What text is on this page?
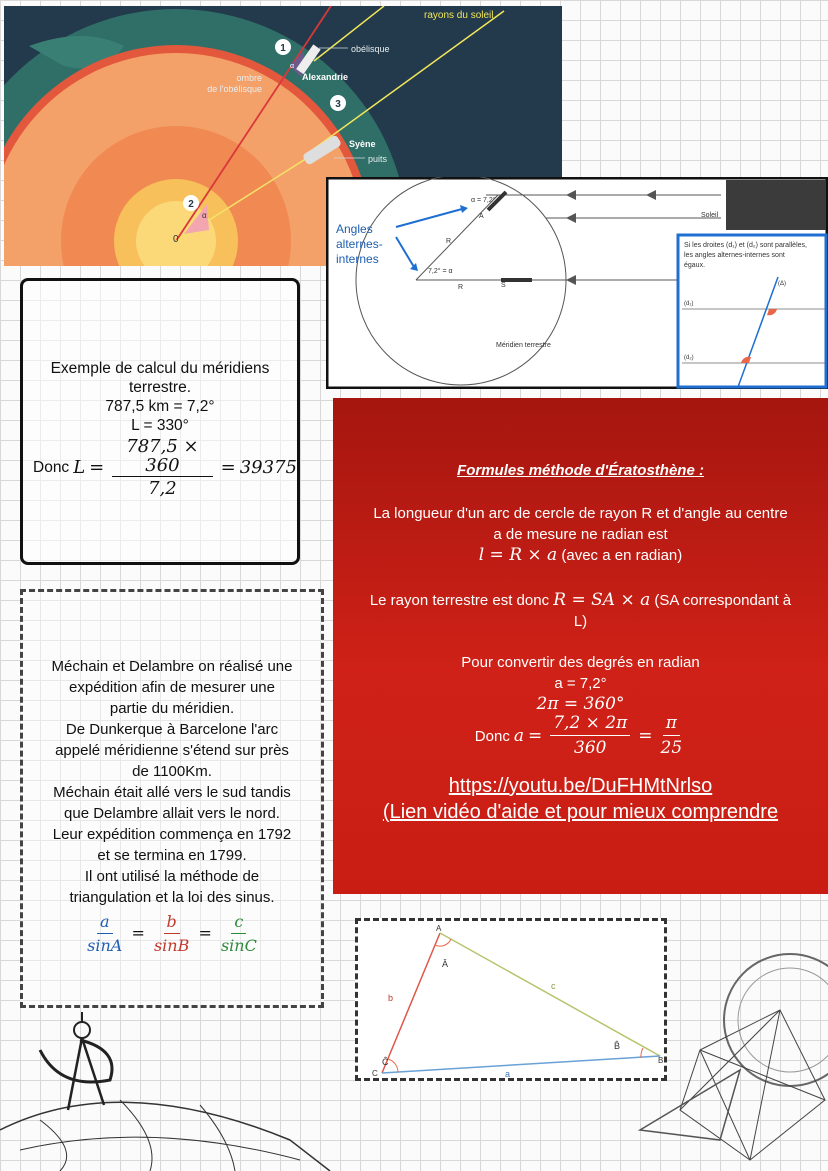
1
3
2
rayons du soleil
obélisque
ombre
de l'obélisque
Alexandrie
Syène
puits
0
α
α
Angles
alternes-
internes
α = 7,2°
7,2° = α
A
R
R	S
Soleil
Méridien terrestre
Si les droites (d₁) et (d₂) sont parallèles,
les angles alternes-internes sont
égaux.
(Δ)
(d₁)
(d₂)
Exemple de calcul du méridiens
terrestre.
787,5 km = 7,2°
L = 330°
Donc $L = \frac{787,5 \times 360}{7,2} = 39375$
Méchain et Delambre on réalisé une
expédition afin de mesurer une
partie du méridien.
De Dunkerque à Barcelone l'arc
appelé méridienne s'étend sur près
de 1100Km.
Méchain était allé vers le sud tandis
que Delambre allait vers le nord.
Leur expédition commença en 1792
et se termina en 1799.
Il ont utilisé la méthode de
triangulation et la loi des sinus.
$\frac{a}{\sin A} = \frac{b}{\sin B} = \frac{c}{\sin C}$
Formules méthode d'Ératosthène :
La longueur d'un arc de cercle de rayon R et d'angle au centre
a de mesure ne radian est
l = R × a (avec a en radian)
Le rayon terrestre est donc R = SA × a (SA correspondant à
L)
Pour convertir des degrés en radian
a = 7,2°
2π = 360°
Donc $a = \frac{7,2 \times 2\pi}{360} = \frac{\pi}{25}$
https://youtu.be/DuFHMtNrlso
(Lien vidéo d'aide et pour mieux comprendre
A
B
C
Â
B̂
Ĉ
b
c
a
